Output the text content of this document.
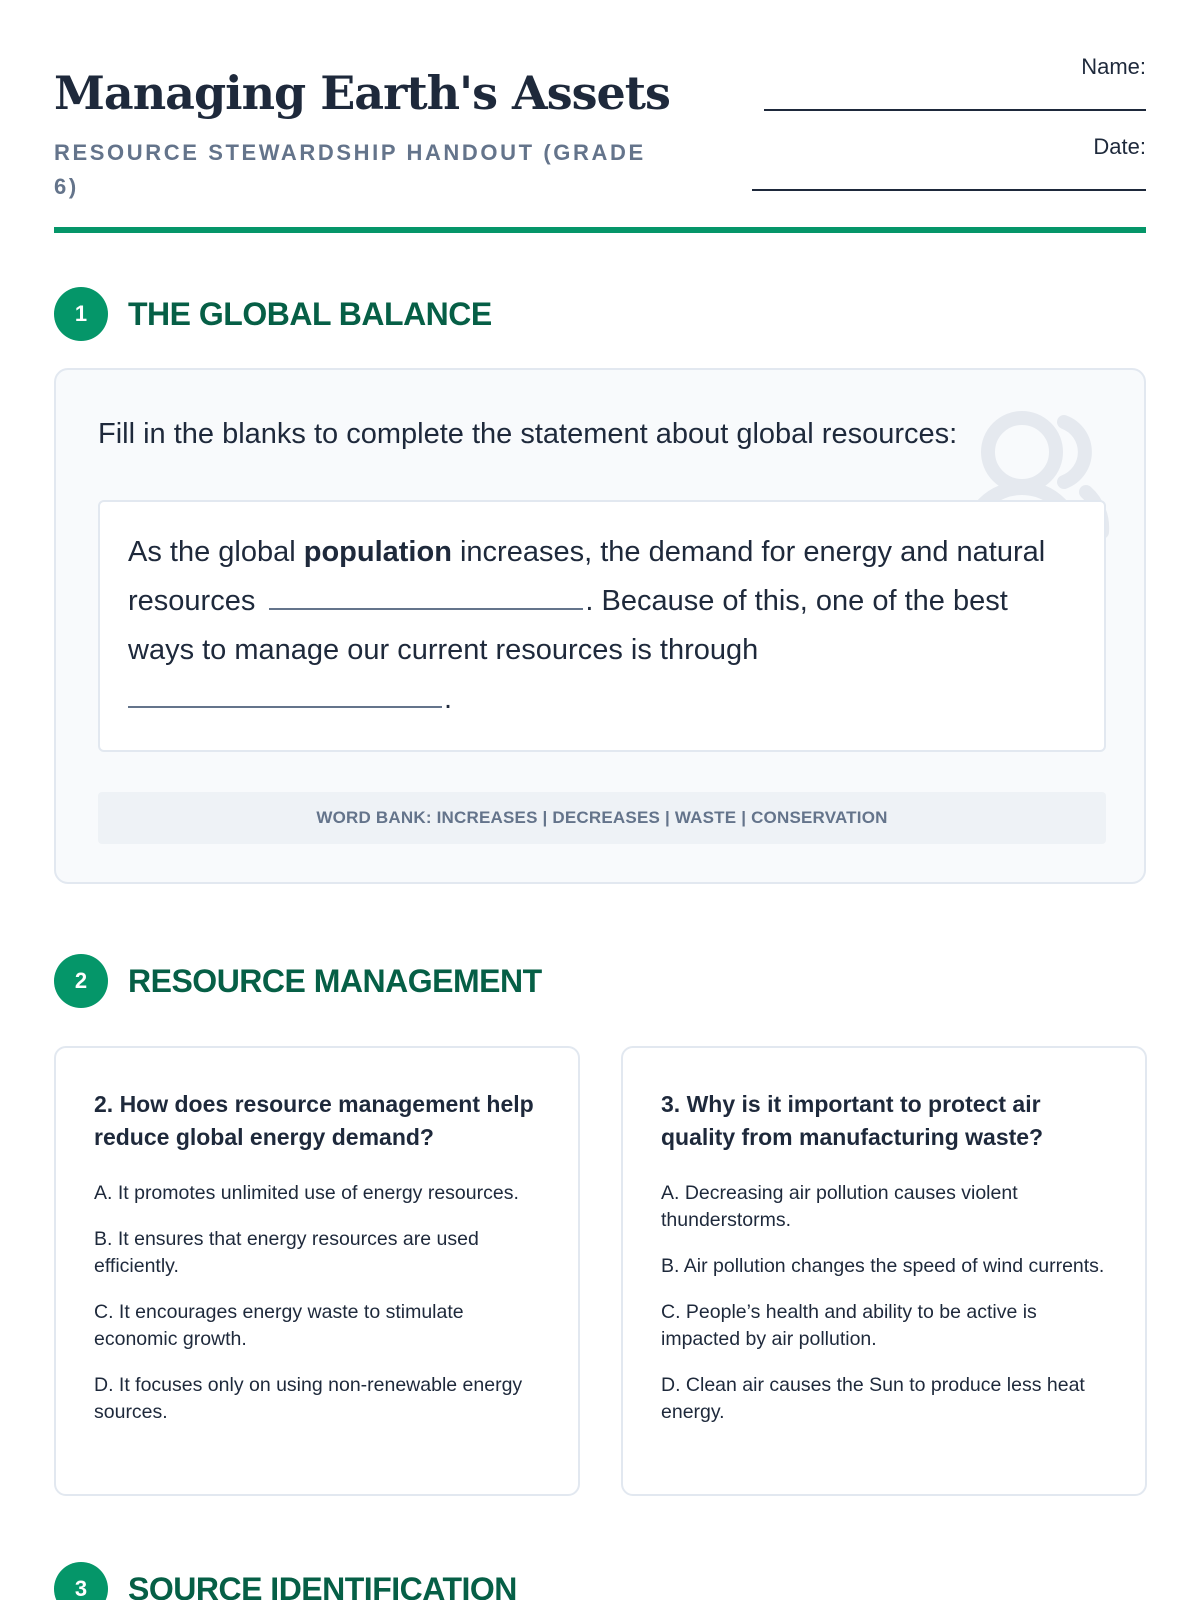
Managing Earth's Assets
RESOURCE STEWARDSHIP HANDOUT (GRADE 6)
Name:
Date:
1	THE GLOBAL BALANCE
Fill in the blanks to complete the statement about global resources:
As the global population increases, the demand for energy and natural resources	. Because of this, one of the best ways to manage our current resources is through
.
WORD BANK: INCREASES | DECREASES | WASTE | CONSERVATION
2	RESOURCE MANAGEMENT
2. How does resource management help reduce global energy demand?
A. It promotes unlimited use of energy resources.
B. It ensures that energy resources are used efficiently.
C. It encourages energy waste to stimulate economic growth.
D. It focuses only on using non-renewable energy sources.
3. Why is it important to protect air quality from manufacturing waste?
A. Decreasing air pollution causes violent thunderstorms.
B. Air pollution changes the speed of wind currents.
C. People’s health and ability to be active is impacted by air pollution.
D. Clean air causes the Sun to produce less heat energy.
3	SOURCE IDENTIFICATION
